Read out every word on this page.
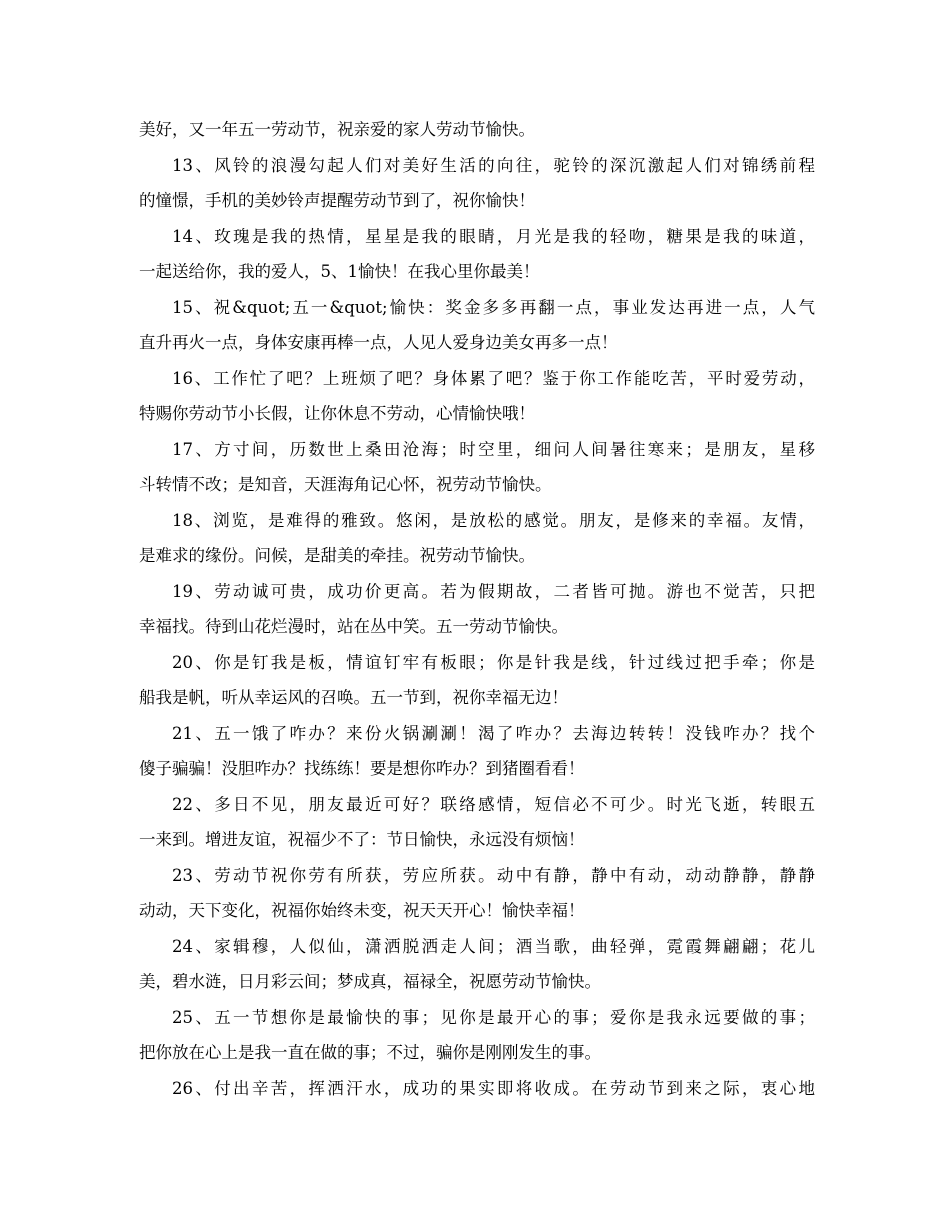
美好，又一年五一劳动节，祝亲爱的家人劳动节愉快。
13、风铃的浪漫勾起人们对美好生活的向往，驼铃的深沉激起人们对锦绣前程
的憧憬，手机的美妙铃声提醒劳动节到了，祝你愉快！
14、玫瑰是我的热情，星星是我的眼睛，月光是我的轻吻，糖果是我的味道，
一起送给你，我的爱人，5、1愉快！在我心里你最美！
15、祝&quot;五一&quot;愉快：奖金多多再翻一点，事业发达再进一点，人气
直升再火一点，身体安康再棒一点，人见人爱身边美女再多一点！
16、工作忙了吧？上班烦了吧？身体累了吧？鉴于你工作能吃苦，平时爱劳动，
特赐你劳动节小长假，让你休息不劳动，心情愉快哦！
17、方寸间，历数世上桑田沧海；时空里，细问人间暑往寒来；是朋友，星移
斗转情不改；是知音，天涯海角记心怀，祝劳动节愉快。
18、浏览，是难得的雅致。悠闲，是放松的感觉。朋友，是修来的幸福。友情，
是难求的缘份。问候，是甜美的牵挂。祝劳动节愉快。
19、劳动诚可贵，成功价更高。若为假期故，二者皆可抛。游也不觉苦，只把
幸福找。待到山花烂漫时，站在丛中笑。五一劳动节愉快。
20、你是钉我是板，情谊钉牢有板眼；你是针我是线，针过线过把手牵；你是
船我是帆，听从幸运风的召唤。五一节到，祝你幸福无边！
21、五一饿了咋办？来份火锅涮涮！渴了咋办？去海边转转！没钱咋办？找个
傻子骗骗！没胆咋办？找练练！要是想你咋办？到猪圈看看！
22、多日不见，朋友最近可好？联络感情，短信必不可少。时光飞逝，转眼五
一来到。增进友谊，祝福少不了：节日愉快，永远没有烦恼！
23、劳动节祝你劳有所获，劳应所获。动中有静，静中有动，动动静静，静静
动动，天下变化，祝福你始终未变，祝天天开心！愉快幸福！
24、家辑穆，人似仙，潇洒脱洒走人间；酒当歌，曲轻弹，霓霞舞翩翩；花儿
美，碧水涟，日月彩云间；梦成真，福禄全，祝愿劳动节愉快。
25、五一节想你是最愉快的事；见你是最开心的事；爱你是我永远要做的事；
把你放在心上是我一直在做的事；不过，骗你是刚刚发生的事。
26、付出辛苦，挥洒汗水，成功的果实即将收成。在劳动节到来之际，衷心地
